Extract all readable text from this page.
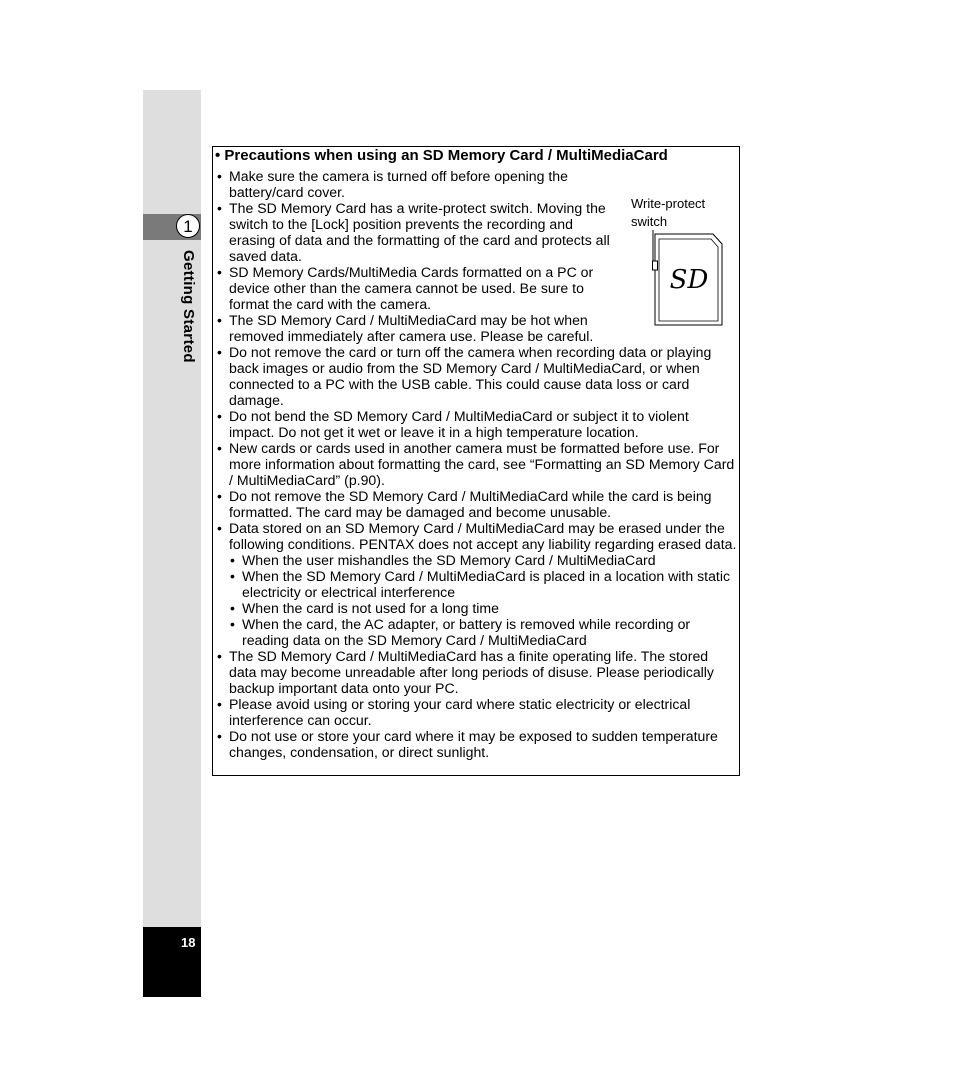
1
Getting Started
18
• Precautions when using an SD Memory Card / MultiMediaCard
Write-protect
switch
SD

• Make sure the camera is turned off before opening the battery/card cover.

• The SD Memory Card has a write-protect switch. Moving the switch to the [Lock] position prevents the recording and erasing of data and the formatting of the card and protects all saved data.

• SD Memory Cards/MultiMedia Cards formatted on a PC or device other than the camera cannot be used. Be sure to format the card with the camera.

• The SD Memory Card / MultiMediaCard may be hot when removed immediately after camera use. Please be careful.

• Do not remove the card or turn off the camera when recording data or playing back images or audio from the SD Memory Card / MultiMediaCard, or when connected to a PC with the USB cable. This could cause data loss or card damage.

• Do not bend the SD Memory Card / MultiMediaCard or subject it to violent impact. Do not get it wet or leave it in a high temperature location.

• New cards or cards used in another camera must be formatted before use. For more information about formatting the card, see “Formatting an SD Memory Card / MultiMediaCard” (p.90).

• Do not remove the SD Memory Card / MultiMediaCard while the card is being formatted. The card may be damaged and become unusable.

• Data stored on an SD Memory Card / MultiMediaCard may be erased under the following conditions. PENTAX does not accept any liability regarding erased data.

• When the user mishandles the SD Memory Card / MultiMediaCard

• When the SD Memory Card / MultiMediaCard is placed in a location with static electricity or electrical interference

• When the card is not used for a long time

• When the card, the AC adapter, or battery is removed while recording or reading data on the SD Memory Card / MultiMediaCard

• The SD Memory Card / MultiMediaCard has a finite operating life. The stored data may become unreadable after long periods of disuse. Please periodically backup important data onto your PC.

• Please avoid using or storing your card where static electricity or electrical interference can occur.

• Do not use or store your card where it may be exposed to sudden temperature changes, condensation, or direct sunlight.
